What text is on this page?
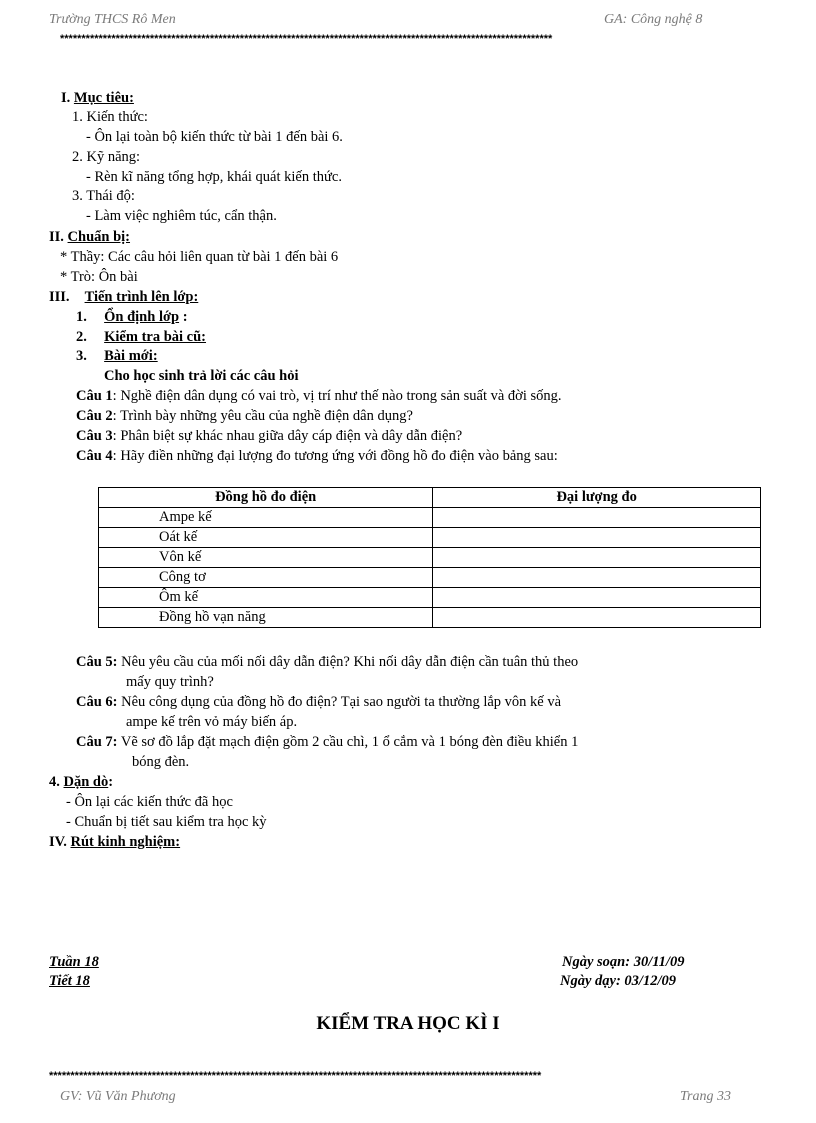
Trường THCS Rô Men	GA: Công nghệ 8
*******************************************************************************************************************
I. Mục tiêu:
1. Kiến thức:
- Ôn lại toàn bộ kiến thức từ bài 1 đến bài 6.
2. Kỹ năng:
- Rèn kĩ năng tổng hợp, khái quát kiến thức.
3. Thái độ:
- Làm việc nghiêm túc, cẩn thận.
II. Chuẩn bị:
* Thầy: Các câu hỏi liên quan từ bài 1 đến bài 6
* Trò: Ôn bài
III. Tiến trình lên lớp:
1. Ổn định lớp :
2. Kiểm tra bài cũ:
3. Bài mới:
Cho học sinh trả lời các câu hỏi
Câu 1: Nghề điện dân dụng có vai trò, vị trí như thế nào trong sản suất và đời sống.
Câu 2: Trình bày những yêu cầu của nghề điện dân dụng?
Câu 3: Phân biệt sự khác nhau giữa dây cáp điện và dây dẫn điện?
Câu 4: Hãy điền những đại lượng đo tương ứng với đồng hồ đo điện vào bảng sau:
Đồng hồ đo điện	Đại lượng đo
Ampe kế	
Oát kế	
Vôn kế	
Công tơ	
Ôm kế	
Đồng hồ vạn năng	
Câu 5: Nêu yêu cầu của mối nối dây dẫn điện? Khi nối dây dẫn điện cần tuân thủ theo
mấy quy trình?
Câu 6: Nêu công dụng của đồng hồ đo điện? Tại sao người ta thường lắp vôn kế và
ampe kế trên vỏ máy biến áp.
Câu 7: Vẽ sơ đồ lắp đặt mạch điện gồm 2 cầu chì, 1 ổ cắm và 1 bóng đèn điều khiển 1
bóng đèn.
4. Dặn dò:
- Ôn lại các kiến thức đã học
- Chuẩn bị tiết sau kiểm tra học kỳ
IV. Rút kinh nghiệm:
Tuần 18
Tiết 18
Ngày soạn: 30/11/09
Ngày dạy: 03/12/09
KIỂM TRA HỌC KÌ I
*******************************************************************************************************************
GV: Vũ Văn Phương	Trang 33
